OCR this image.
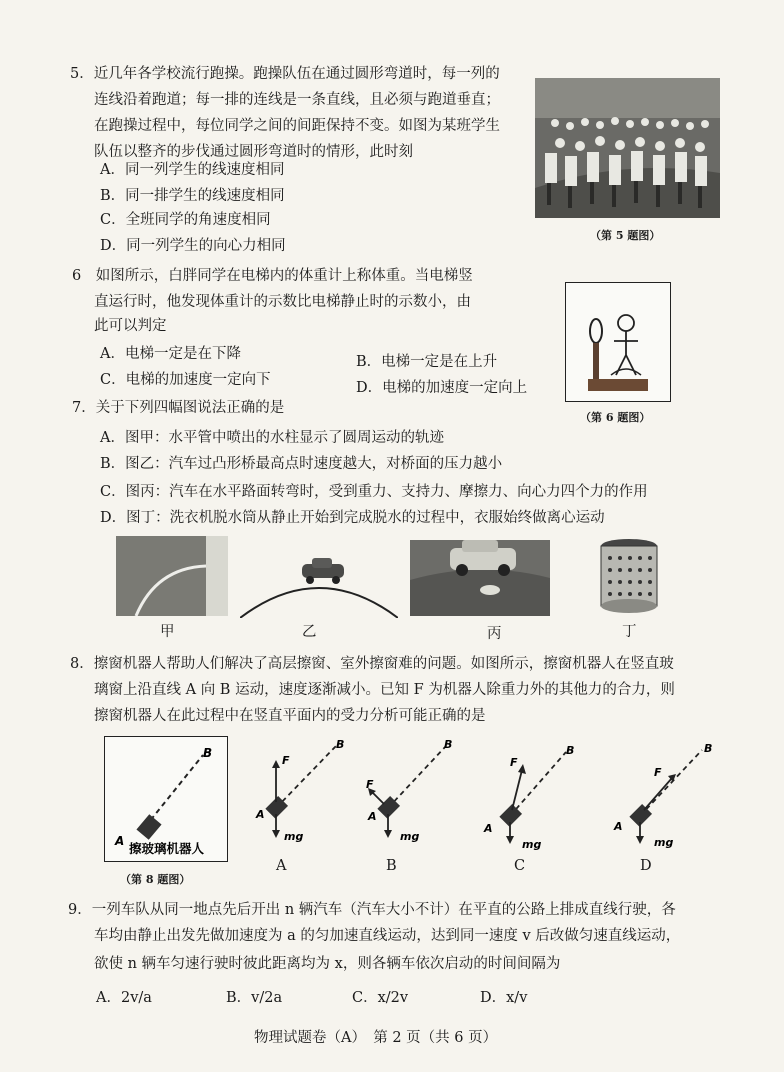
5．近几年各学校流行跑操。跑操队伍在通过圆形弯道时，每一列的
连线沿着跑道；每一排的连线是一条直线，且必须与跑道垂直；
在跑操过程中，每位同学之间的间距保持不变。如图为某班学生
队伍以整齐的步伐通过圆形弯道时的情形，此时刻
A．同一列学生的线速度相同
B．同一排学生的线速度相同
C．全班同学的角速度相同
D．同一列学生的向心力相同
（第 5 题图）
6　如图所示，白胖同学在电梯内的体重计上称体重。当电梯竖
直运行时，他发现体重计的示数比电梯静止时的示数小，由
此可以判定
A．电梯一定是在下降	B．电梯一定是在上升
C．电梯的加速度一定向下	D．电梯的加速度一定向上
（第 6 题图）
7．关于下列四幅图说法正确的是
A．图甲：水平管中喷出的水柱显示了圆周运动的轨迹
B．图乙：汽车过凸形桥最高点时速度越大，对桥面的压力越小
C．图丙：汽车在水平路面转弯时，受到重力、支持力、摩擦力、向心力四个力的作用
D．图丁：洗衣机脱水筒从静止开始到完成脱水的过程中，衣服始终做离心运动
甲	乙	丙	丁
8．擦窗机器人帮助人们解决了高层擦窗、室外擦窗难的问题。如图所示，擦窗机器人在竖直玻
璃窗上沿直线 A 向 B 运动，速度逐渐减小。已知 F 为机器人除重力外的其他力的合力，则
擦窗机器人在此过程中在竖直平面内的受力分析可能正确的是
B
A 擦玻璃机器人
（第 8 题图）
B
F
A
mg
B
F
A
mg
B
F
A
mg
B
F
A
mg
A	B	C	D
9．一列车队从同一地点先后开出 n 辆汽车（汽车大小不计）在平直的公路上排成直线行驶，各
车均由静止出发先做加速度为 a 的匀加速直线运动，达到同一速度 v 后改做匀速直线运动，
欲使 n 辆车匀速行驶时彼此距离均为 x，则各辆车依次启动的时间间隔为
A．2v/a	B．v/2a	C．x/2v	D．x/v
物理试题卷（A）　第 2 页（共 6 页）
